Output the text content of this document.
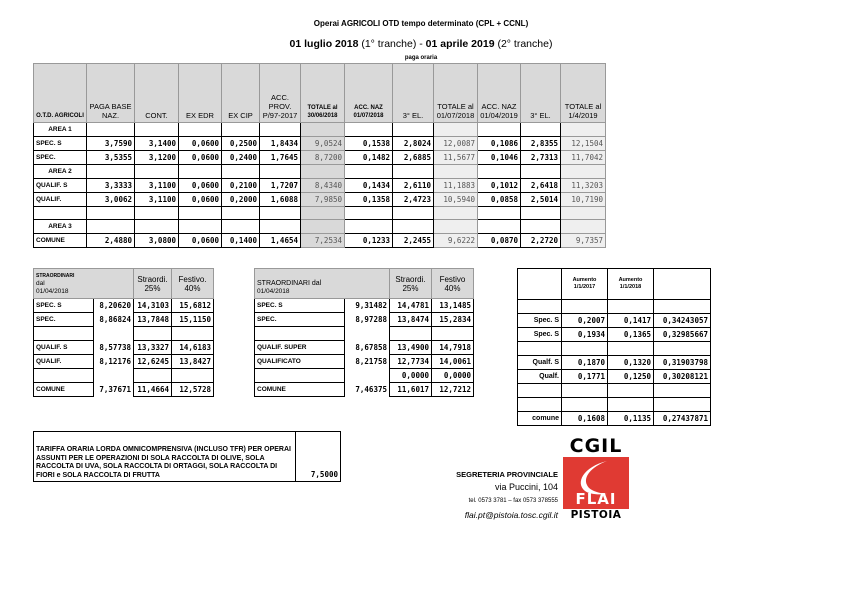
Operai AGRICOLI OTD tempo determinato (CPL + CCNL)
01 luglio 2018 (1° tranche) - 01 aprile 2019 (2° tranche)
paga oraria
O.T.D. AGRICOLI	PAGA BASE NAZ.	CONT.	EX EDR	EX CIP	ACC. PROV. P/97-2017	TOTALE al 30/06/2018	ACC. NAZ 01/07/2018	3° EL.	TOTALE al 01/07/2018	ACC. NAZ 01/04/2019	3° EL.	TOTALE al 1/4/2019
AREA 1												
SPEC. S	3,7590	3,1400	0,0600	0,2500	1,8434	9,0524	0,1538	2,8024	12,0087	0,1086	2,8355	12,1504
SPEC.	3,5355	3,1200	0,0600	0,2400	1,7645	8,7200	0,1482	2,6885	11,5677	0,1046	2,7313	11,7042
AREA 2												
QUALIF. S	3,3333	3,1100	0,0600	0,2100	1,7207	8,4340	0,1434	2,6110	11,1883	0,1012	2,6418	11,3203
QUALIF.	3,0062	3,1100	0,0600	0,2000	1,6088	7,9850	0,1358	2,4723	10,5940	0,0858	2,5014	10,7190

AREA 3												
COMUNE	2,4880	3,0800	0,0600	0,1400	1,4654	7,2534	0,1233	2,2455	9,6222	0,0870	2,2720	9,7357
STRAORDINARI
dal
01/04/2018		Straordi. 25%	Festivo. 40%
SPEC. S	8,20620	14,3103	15,6812
SPEC.	8,86824	13,7848	15,1150

QUALIF. S	8,57738	13,3327	14,6183
QUALIF.	8,12176	12,6245	13,8427

COMUNE	7,37671	11,4664	12,5728
STRAORDINARI dal
01/04/2018		Straordi. 25%	Festivo 40%
SPEC. S	9,31482	14,4781	13,1485
SPEC.	8,97288	13,8474	15,2834

QUALIF. SUPER	8,67858	13,4900	14,7918
QUALIFICATO	8,21758	12,7734	14,0061
		0,0000	0,0000
COMUNE	7,46375	11,6017	12,7212
	Aumento 1/1/2017	Aumento 1/1/2018	

Spec. S	0,2007	0,1417	0,34243057
Spec. S	0,1934	0,1365	0,32985667

Qualf. S	0,1870	0,1320	0,31903798
Qualf.	0,1771	0,1250	0,30208121

comune	0,1608	0,1135	0,27437871
TARIFFA ORARIA LORDA OMNICOMPRENSIVA (INCLUSO TFR) PER OPERAI ASSUNTI PER LE OPERAZIONI DI SOLA RACCOLTA DI OLIVE, SOLA RACCOLTA DI UVA, SOLA RACCOLTA DI ORTAGGI, SOLA RACCOLTA DI FIORI e SOLA RACCOLTA DI FRUTTA	7,5000	SEGRETERIA PROVINCIALE
via Puccini, 104
tel. 0573 3781 – fax 0573 378555
flai.pt@pistoia.tosc.cgil.it
CGIL
FLAI
PISTOIA
